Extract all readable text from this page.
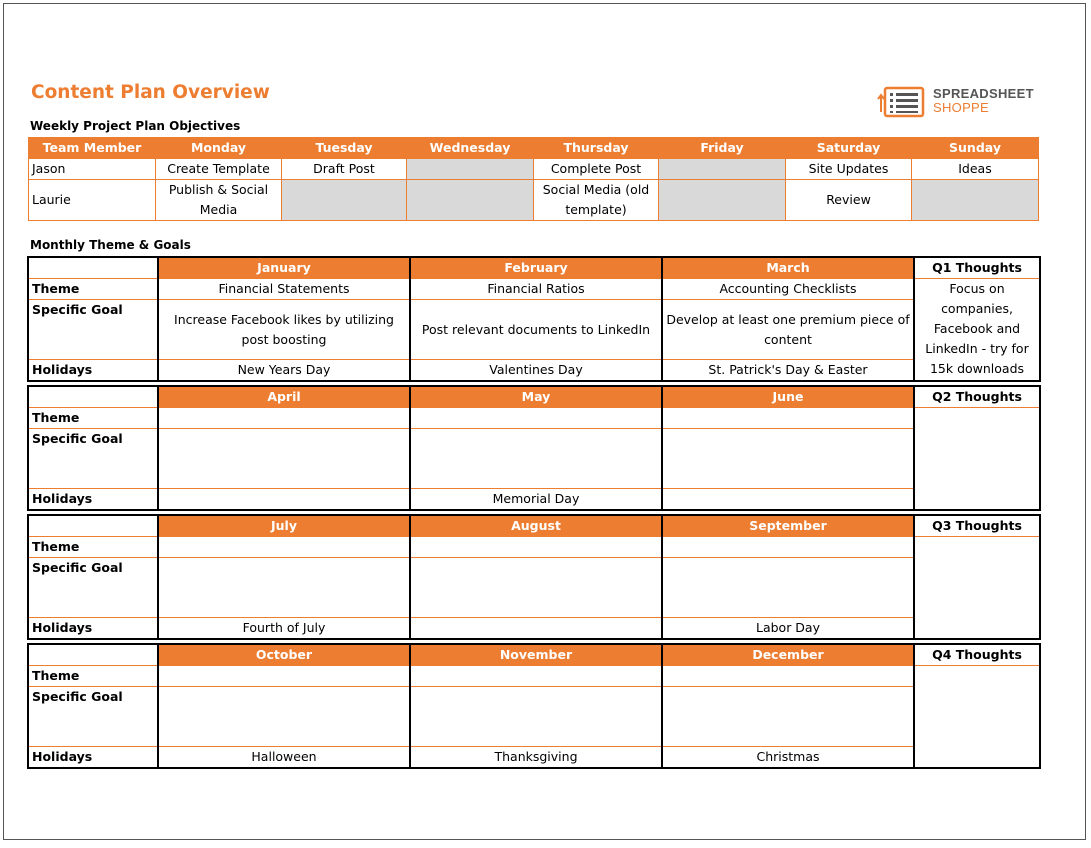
Content Plan Overview	SPREADSHEET
SHOPPE
Weekly Project Plan Objectives
Team Member	Monday	Tuesday	Wednesday	Thursday	Friday	Saturday	Sunday
Jason	Create Template	Draft Post		Complete Post		Site Updates	Ideas
Laurie	Publish & Social Media			Social Media (old template)		Review	
Monthly Theme & Goals
	January	February	March	Q1 Thoughts
Theme	Financial Statements	Financial Ratios	Accounting Checklists	Focus on companies, Facebook and LinkedIn - try for 15k downloads
Specific Goal	Increase Facebook likes by utilizing post boosting	Post relevant documents to LinkedIn	Develop at least one premium piece of content	
Holidays	New Years Day	Valentines Day	St. Patrick's Day & Easter	
	April	May	June	Q2 Thoughts
Theme				
Specific Goal				
Holidays		Memorial Day		
	July	August	September	Q3 Thoughts
Theme				
Specific Goal				
Holidays	Fourth of July		Labor Day	
	October	November	December	Q4 Thoughts
Theme				
Specific Goal				
Holidays	Halloween	Thanksgiving	Christmas	
